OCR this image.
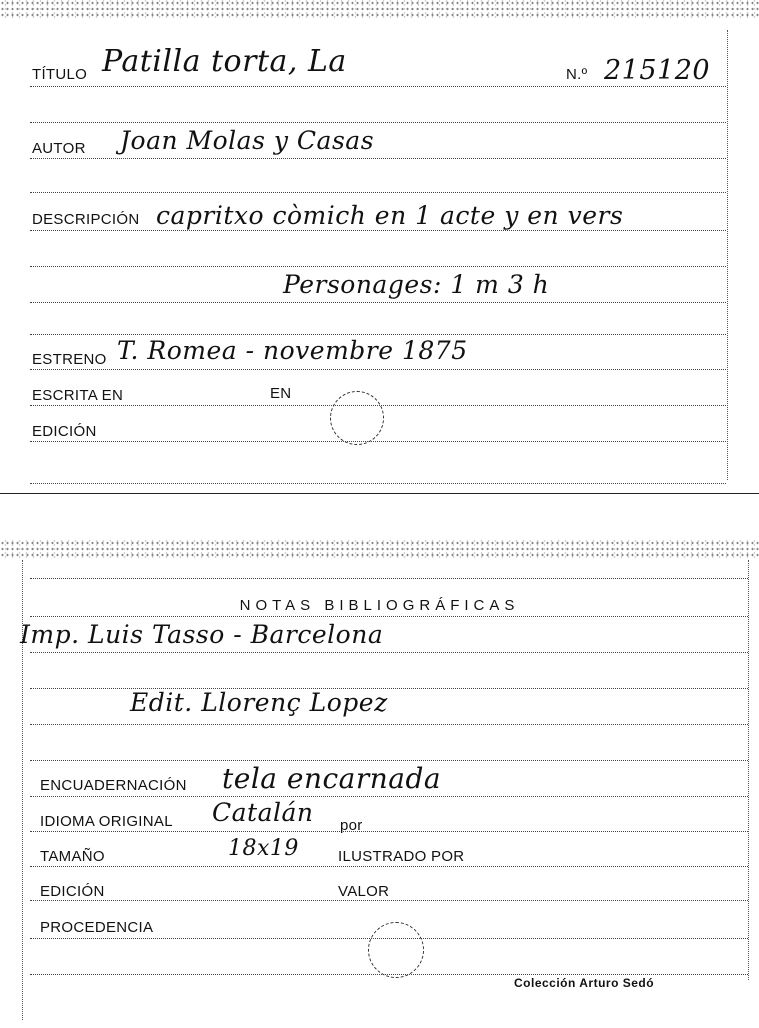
TÍTULO Patilla torta, La	N.º 215120
AUTOR Joan Molas y Casas
DESCRIPCIÓN capritxo còmich en 1 acte y en vers
Personages: 1 m 3 h
ESTRENO T. Romea - novembre 1875
ESCRITA EN	EN
EDICIÓN
NOTAS BIBLIOGRÁFICAS
Imp. Luis Tasso - Barcelona
Edit. Llorenç Lopez
ENCUADERNACIÓN tela encarnada
IDIOMA ORIGINAL Catalán por
TAMAÑO	18x19	ILUSTRADO POR
EDICIÓN	VALOR
PROCEDENCIA
Colección Arturo Sedó
